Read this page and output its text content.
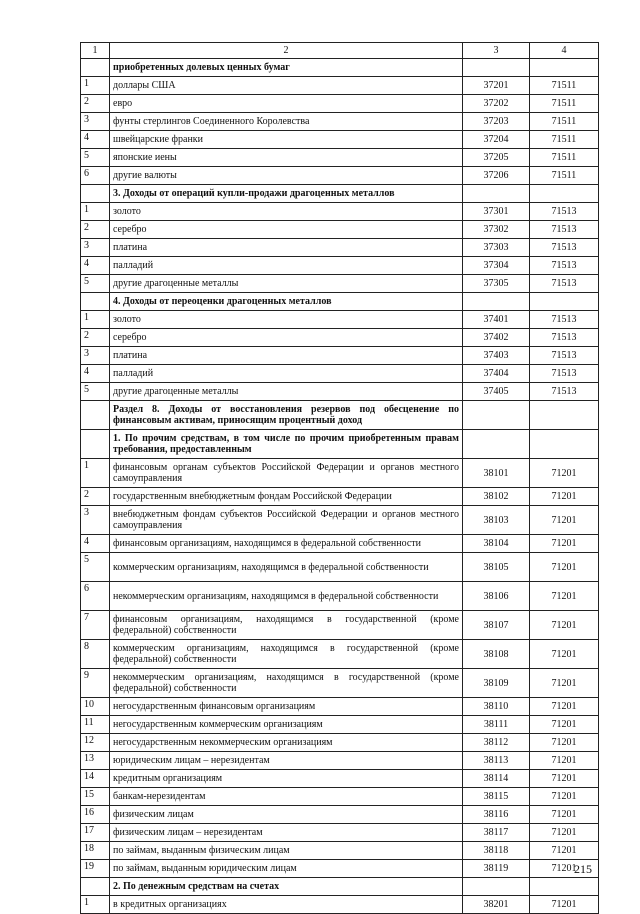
1	2	3	4
	приобретенных долевых ценных бумаг		
1	доллары США	37201	71511
2	евро	37202	71511
3	фунты стерлингов Соединенного Королевства	37203	71511
4	швейцарские франки	37204	71511
5	японские иены	37205	71511
6	другие валюты	37206	71511
	3. Доходы от операций купли-продажи драгоценных металлов		
1	золото	37301	71513
2	серебро	37302	71513
3	платина	37303	71513
4	палладий	37304	71513
5	другие драгоценные металлы	37305	71513
	4. Доходы от переоценки драгоценных металлов		
1	золото	37401	71513
2	серебро	37402	71513
3	платина	37403	71513
4	палладий	37404	71513
5	другие драгоценные металлы	37405	71513
	Раздел 8. Доходы от восстановления резервов под обесценение по финансовым активам, приносящим процентный доход		
	1. По прочим средствам, в том числе по прочим приобретенным правам требования, предоставленным		
1	финансовым органам субъектов Российской Федерации и органов местного самоуправления	38101	71201
2	государственным внебюджетным фондам Российской Федерации	38102	71201
3	внебюджетным фондам субъектов Российской Федерации и органов местного самоуправления	38103	71201
4	финансовым организациям, находящимся в федеральной собственности	38104	71201
5	коммерческим организациям, находящимся в федеральной собственности	38105	71201
6	некоммерческим организациям, находящимся в федеральной собственности	38106	71201
7	финансовым организациям, находящимся в государственной (кроме федеральной) собственности	38107	71201
8	коммерческим организациям, находящимся в государственной (кроме федеральной) собственности	38108	71201
9	некоммерческим организациям, находящимся в государственной (кроме федеральной) собственности	38109	71201
10	негосударственным финансовым организациям	38110	71201
11	негосударственным коммерческим организациям	38111	71201
12	негосударственным некоммерческим организациям	38112	71201
13	юридическим лицам – нерезидентам	38113	71201
14	кредитным организациям	38114	71201
15	банкам-нерезидентам	38115	71201
16	физическим лицам	38116	71201
17	физическим лицам – нерезидентам	38117	71201
18	по займам, выданным физическим лицам	38118	71201
19	по займам, выданным юридическим лицам	38119	71201
	2. По денежным средствам на счетах		
1	в кредитных организациях	38201	71201
215
